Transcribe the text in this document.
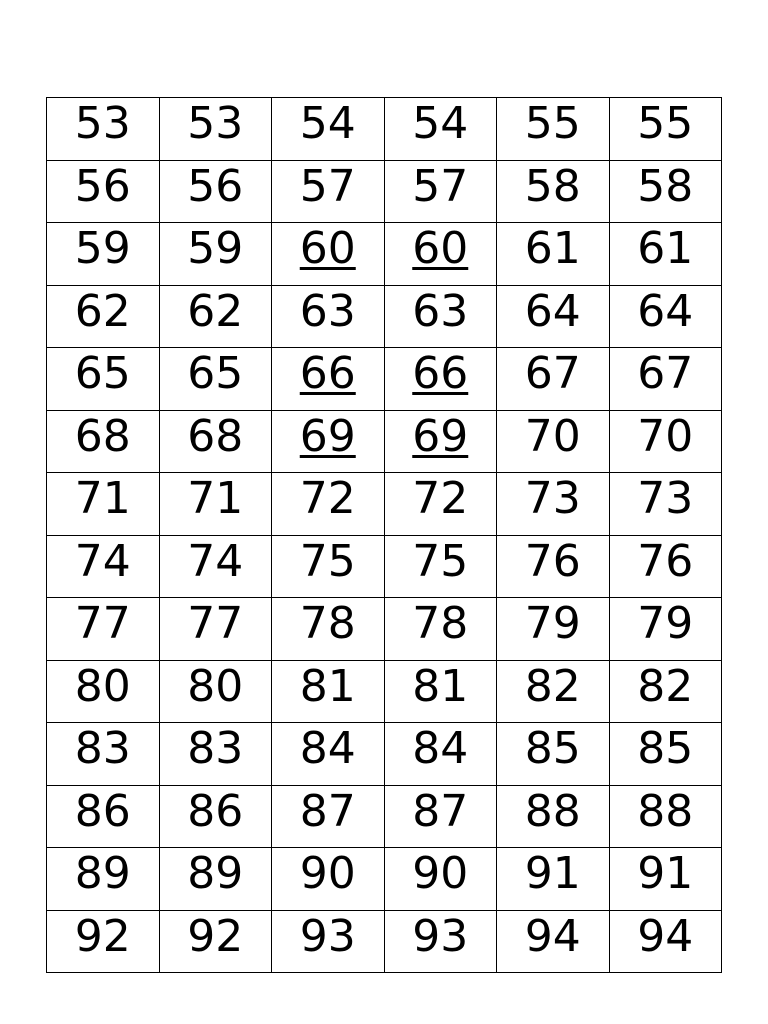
53	53	54	54	55	55
56	56	57	57	58	58
59	59	60	60	61	61
62	62	63	63	64	64
65	65	66	66	67	67
68	68	69	69	70	70
71	71	72	72	73	73
74	74	75	75	76	76
77	77	78	78	79	79
80	80	81	81	82	82
83	83	84	84	85	85
86	86	87	87	88	88
89	89	90	90	91	91
92	92	93	93	94	94
